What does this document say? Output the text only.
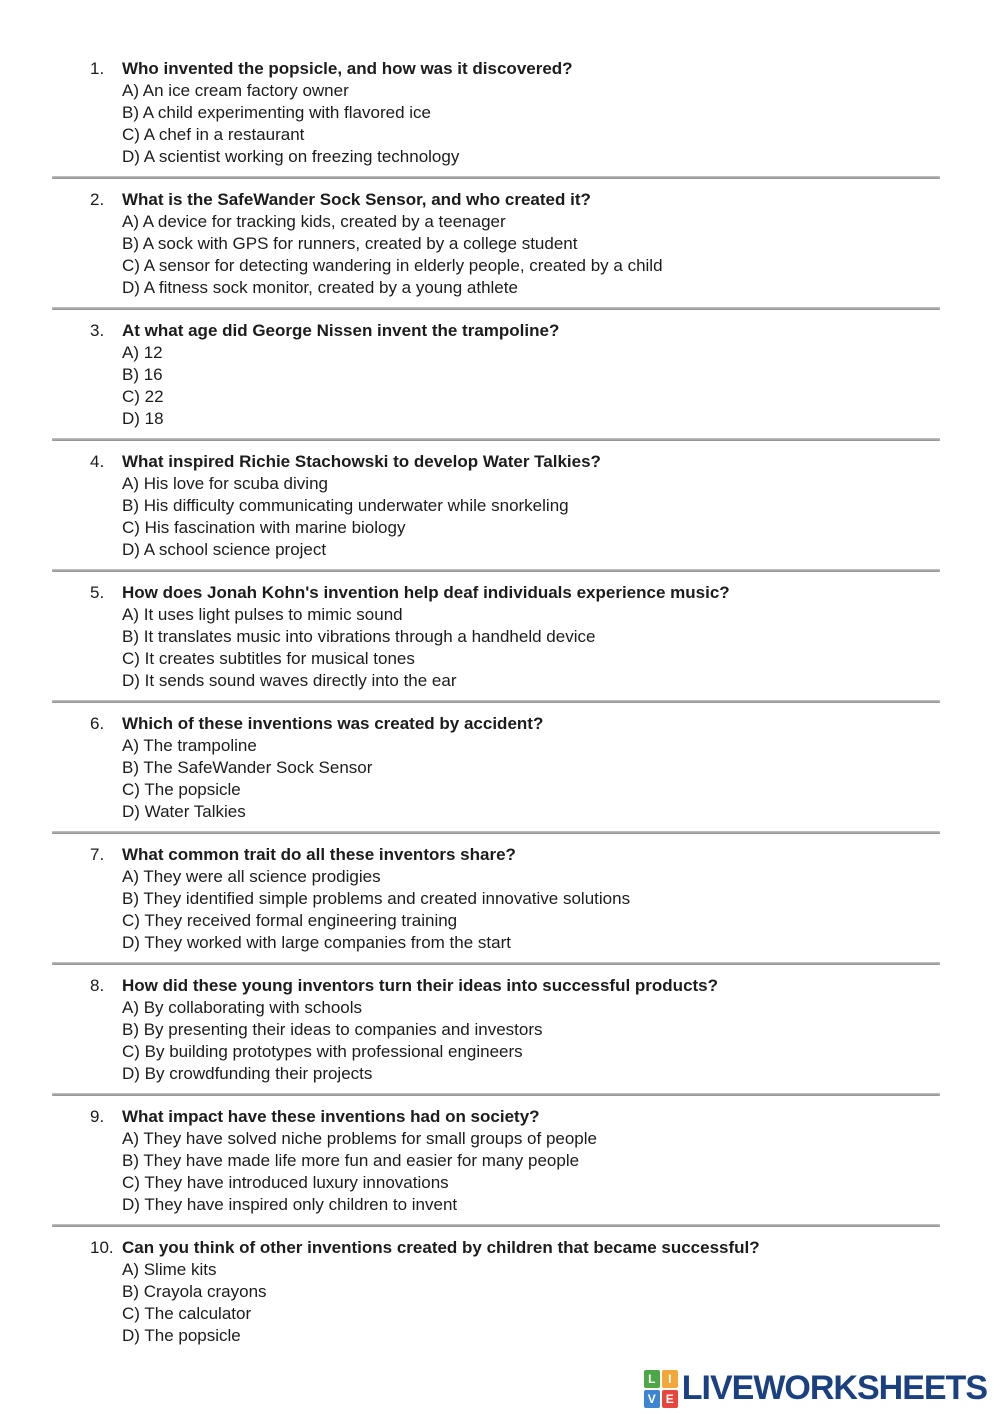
1.	Who invented the popsicle, and how was it discovered?
A) An ice cream factory owner
B) A child experimenting with flavored ice
C) A chef in a restaurant
D) A scientist working on freezing technology
2.	What is the SafeWander Sock Sensor, and who created it?
A) A device for tracking kids, created by a teenager
B) A sock with GPS for runners, created by a college student
C) A sensor for detecting wandering in elderly people, created by a child
D) A fitness sock monitor, created by a young athlete
3.	At what age did George Nissen invent the trampoline?
A) 12
B) 16
C) 22
D) 18
4.	What inspired Richie Stachowski to develop Water Talkies?
A) His love for scuba diving
B) His difficulty communicating underwater while snorkeling
C) His fascination with marine biology
D) A school science project
5.	How does Jonah Kohn's invention help deaf individuals experience music?
A) It uses light pulses to mimic sound
B) It translates music into vibrations through a handheld device
C) It creates subtitles for musical tones
D) It sends sound waves directly into the ear
6.	Which of these inventions was created by accident?
A) The trampoline
B) The SafeWander Sock Sensor
C) The popsicle
D) Water Talkies
7.	What common trait do all these inventors share?
A) They were all science prodigies
B) They identified simple problems and created innovative solutions
C) They received formal engineering training
D) They worked with large companies from the start
8.	How did these young inventors turn their ideas into successful products?
A) By collaborating with schools
B) By presenting their ideas to companies and investors
C) By building prototypes with professional engineers
D) By crowdfunding their projects
9.	What impact have these inventions had on society?
A) They have solved niche problems for small groups of people
B) They have made life more fun and easier for many people
C) They have introduced luxury innovations
D) They have inspired only children to invent
10. Can you think of other inventions created by children that became successful?
A) Slime kits
B) Crayola crayons
C) The calculator
D) The popsicle
L	I
V E LIVEWORKSHEETS
